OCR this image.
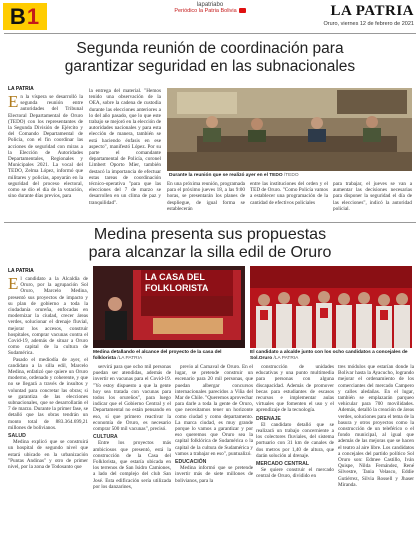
B1	lapatriabo
Periódico la Patria Bolivia	LA PATRIA
Oruro, viernes 12 de febrero de 2021
Segunda reunión de coordinación para
garantizar seguridad en las subnacionales
LA PATRIA
En la víspera se desarrolló la segunda reunión entre autoridades del Tribunal Electoral Departamental de Oruro (TEDO) con los representantes de la Segunda División de Ejército y del Comando Departamental de Policía, con el fin coordinar las acciones de seguridad con miras a la Elección de Autoridades Departamentales, Regionales y Municipales 2021. La vocal del TEDO, Zelma López, informó que militares y policías, apoyarán en la seguridad del proceso electoral, como se dio el día de la votación, sino durante días previos, para
la entrega del material. "Hemos tenido una observación de la OEA, sobre la cadena de custodia durante las elecciones anteriores a lo del año pasado, que lo que este trabajo se mejoró en la elección de autoridades nacionales y para esta elección de manera, también se está haciendo énfasis en ese aspecto", manifestó López. Por su parte el comandante departamental de Policía, coronel Limbert Oporto Mier, también destacó la importancia de efectuar estas tareas de coordinación técnico-operativa "para que las elecciones del 7 de marzo se desarrollen en un clima de paz y tranquilidad".
Durante la reunión que se realizó ayer en el TEDO /TEDO
En una próxima reunión, programada para el próximo jueves 18, a las 9:00 horas, se presentarán los planes de despliegue, de igual forma se establecerán
entre las instituciones del orden y el TED de Oruro. "Como Policía vamos a establecer una programación de la cantidad de efectivos policiales
para trabajar, el jueves se van a aumentar las decisiones necesarias para disponer la seguridad el día de las elecciones", indicó la autoridad policial.
Medina presenta sus propuestas
para alcanzar la silla edil de Oruro
LA PATRIA
El candidato a la Alcaldía de Oruro, por la agrupación Sol Oruro, Marcelo Medina, presentó sus proyectos de impacto y su plan de gobierno a toda la ciudadanía orureña, enfocadas en modernizar la ciudad, crecer áreas verdes, solucionar el drenaje fluvial, mejorar los accesos, construir hospitales, comprar vacunas contra el Covid-19, además de situar a Oruro como capital de la cultura de Sudamérica.

Pasado el mediodía de ayer, el candidato a la silla edil, Marcelo Medina, enfatizó que quiere un Oruro moderno, ordenado y coherente, y que no se llegará a través de insultos y voluntad para concretar las obras; si se garantiza de las elecciones subnacionales, que se desarrollarán el 7 de marzo. Durante la primer fase, se detalló que las obras tendrán un monto total de 883.364.699,21 millones de bolivianos.

SALUD

Medina explicó que se construirá un hospital de segundo nivel que estará ubicado en la urbanización "Puntas Andinas" y otro de primer nivel, por la zona de Todosanto que

LA CASA DEL
FOLKLORISTA
Medina detallando el alcance del proyecto de la casa del folklorista /LA PATRIA
El candidato a alcalde junto con los ocho candidatos a concejales de Sol.Oruro /LA PATRIA

servirá para que ocho mil personas puedan ser atendidas, además de invertir en vacunas para el Covid-19. "Yo estoy dispuesto a que la gente hoy sea tratada con vacunas para todos los orureños", para luego indicar que el Gobierno Central y el Departamental no están pensando en eso, sí que primero reactivar la economía de Oruro, es necesario comprar 500 mil vacunas", precisó.

CULTURA

Entre los proyectos más ambiciosos que presentó, está la construcción de la Casa del Folklorista, que estaría ubicada en los terrenos de San Isidro Camiones, a lado del complejo del club San José. Esta edificación sería utilizada por los danzarines,

previo al Carnaval de Oruro. En el lugar, se pretende construir un escenario para 20 mil personas, que puedan albergar concursos internacionales parecidos a Viña del Mar de Chile. "Queremos aprovechar para darle a toda la gente de Oruro, que necesitamos tener un horizonte como ciudad y como departamento. La marca ciudad, es muy grande porque lo vamos a garantizar y por eso queremos que Oruro sea la capital folklórica de Sudamérica o la capital de la cultura de Sudamérica y vamos a trabajar en eso", puntualizó.

EDUCACIÓN

Medina informó que se pretende invertir más de siete millones de bolivianos, para la

construcción de unidades educativas y una punto multimedia para personas con alguna discapacidad. Además de promover becas para estudiantes de escasos recursos e implementar aulas virtuales que fomenten el uso y el aprendizaje de la tecnología.

DRENAJE

El candidato detalló que se realizará un trabajo concerniente a los colectores fluviales, del sistema portuario con 31 km de canales de dos metros por 1,40 de altura, que darán solución al drenaje.

MERCADO CENTRAL

Se quiere construir el mercado central de Oruro, dividido en

tres módulos que estarían donde la Bolívar hasta la Ayacucho, logrando mejorar el ordenamiento de los comerciantes del mercado Campero y calles aledañas. En el lugar, también se emplazarán parqueo vehicular para 700 movilidades. Además, detalló la creación de áreas verdes, soluciones para el tema de la basura y otros proyectos como la construcción de un teleférico o el fondo municipal, al igual que además de las mejoras que se hacen el teatro al aire libre. Los candidatos a concejales del partido político Sol Oruro son: Edmee Castillo, Iván Quispe, Nilda Fernández, René Silvestre, Tania Velasco, Eddie Gutiérrez, Silvia Rossell y Jhaser Miranda.
